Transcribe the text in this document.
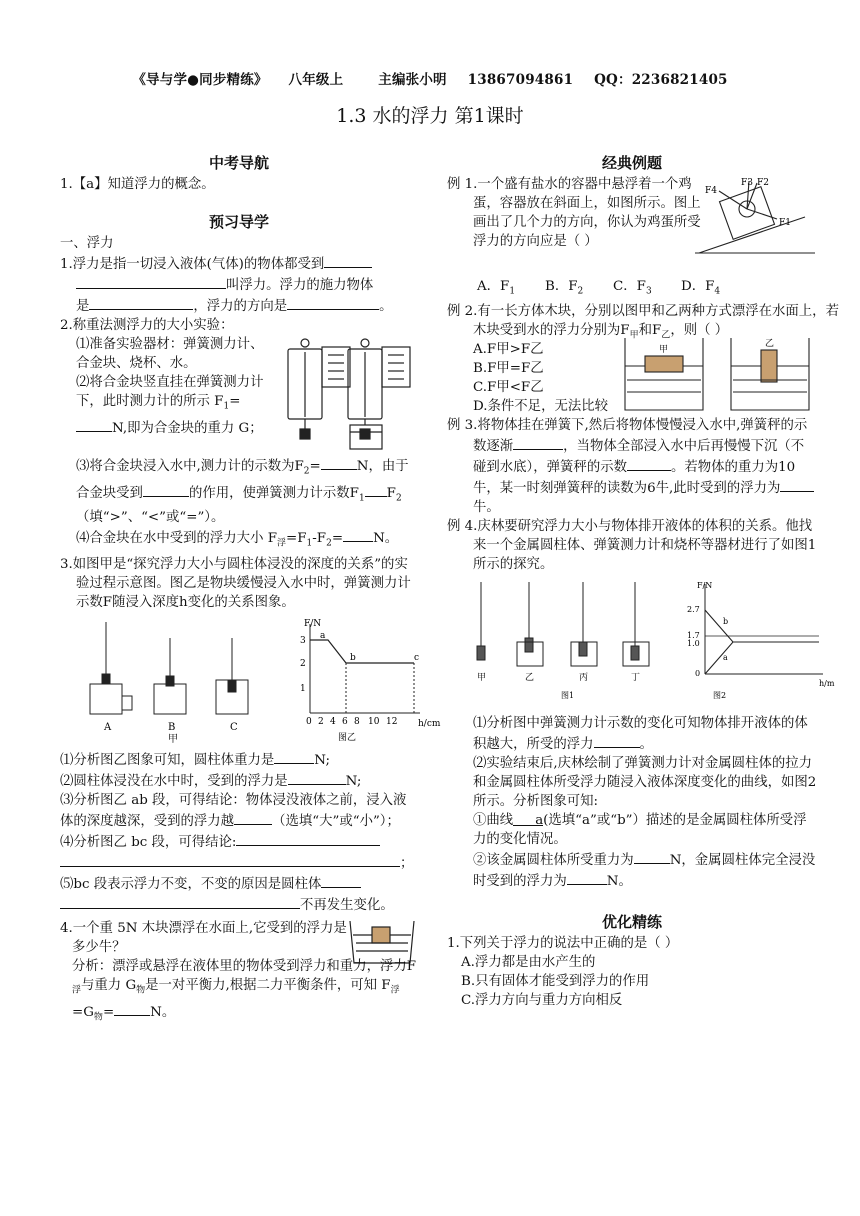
《导与学●同步精练》 八年级上	主编张小明 13867094861 QQ：2236821405
1.3 水的浮力 第1课时
中考导航

1.【a】知道浮力的概念。

预习导学

一、浮力

1.浮力是指一切浸入液体(气体)的物体都受到
叫浮力。浮力的施力物体
是	，浮力的方向是	。

2.称重法测浮力的大小实验：

⑴准备实验器材：弹簧测力计、合金块、烧杯、水。

⑵将合金块竖直挂在弹簧测力计下，此时测力计的所示 $F_1=N$,即为合金块的重力 G；

⑶将合金块浸入水中,测力计的示数为$F_2=$	N，由于合金块受到	的作用，使弹簧测力计示数$F_1$ $F_2$（填“>”、“<”或“=”）。

⑷合金块在水中受到的浮力大小 $F_浮=F_1-F_2= N$。

3.如图甲是“探究浮力大小与圆柱体浸没的深度的关系”的实验过程示意图。图乙是物块缓慢浸入水中时，弹簧测力计示数F随浸入深度h变化的关系图象。

A	B	C
甲
F/N
h/cm
a
b	c
1
2
3
0 2 4 6 8 10 12
图乙

⑴分析图乙图象可知，圆柱体重力是	N;

⑵圆柱体浸没在水中时，受到的浮力是	N;

⑶分析图乙 ab 段，可得结论：物体浸没液体之前，浸入液体的深度越深，受到的浮力越	（选填“大”或“小”）；

⑷分析图乙 bc 段，可得结论:
；

⑸bc 段表示浮力不变，不变的原因是圆柱体
不再发生变化。

4.一个重 5N 木块漂浮在水面上,它受到的浮力是多少牛？

分析：漂浮或悬浮在液体里的物体受到浮力和重力，浮力$F_浮$与重力 $G_物$是一对平衡力,根据二力平衡条件，可知 $F_浮=G_物=$	N。

经典例题

例 1.一个盛有盐水的容器中悬浮着一个鸡蛋，容器放在斜面上，如图所示。图上画出了几个力的方向，你认为鸡蛋所受浮力的方向应是（ ）

F1
F2
F3
F4
A．$F_1$	B．$F_2$	C．$F_3$	D．$F_4$

例 2.有一长方体木块，分别以图甲和乙两种方式漂浮在水面上，若木块受到水的浮力分别为$F_甲$和$F_乙$，则（ ）

A.F甲>F乙

B.F甲=F乙

C.F甲<F乙

D.条件不足，无法比较

甲
乙

例 3.将物体挂在弹簧下,然后将物体慢慢浸入水中,弹簧秤的示数逐渐	，当物体全部浸入水中后再慢慢下沉（不碰到水底），弹簧秤的示数	。若物体的重力为10牛，某一时刻弹簧秤的读数为6牛,此时受到的浮力为牛。

例 4.庆林要研究浮力大小与物体排开液体的体积的关系。他找来一个金属圆柱体、弹簧测力计和烧杯等器材进行了如图1所示的探究。

甲	乙	丙	丁
图1
F/N
h/m
2.7
1.7
1.0
0
b
a
图2

⑴分析图中弹簧测力计示数的变化可知物体排开液体的体积越大，所受的浮力	。

⑵实验结束后,庆林绘制了弹簧测力计对金属圆柱体的拉力和金属圆柱体所受浮力随浸入液体深度变化的曲线，如图2 所示。分析图象可知:

①曲线 a(选填“a”或“b”）描述的是金属圆柱体所受浮力的变化情况。

②该金属圆柱体所受重力为	N，金属圆柱体完全浸没时受到的浮力为	N。

优化精练

1.下列关于浮力的说法中正确的是（ ）

A.浮力都是由水产生的

B.只有固体才能受到浮力的作用

C.浮力方向与重力方向相反
